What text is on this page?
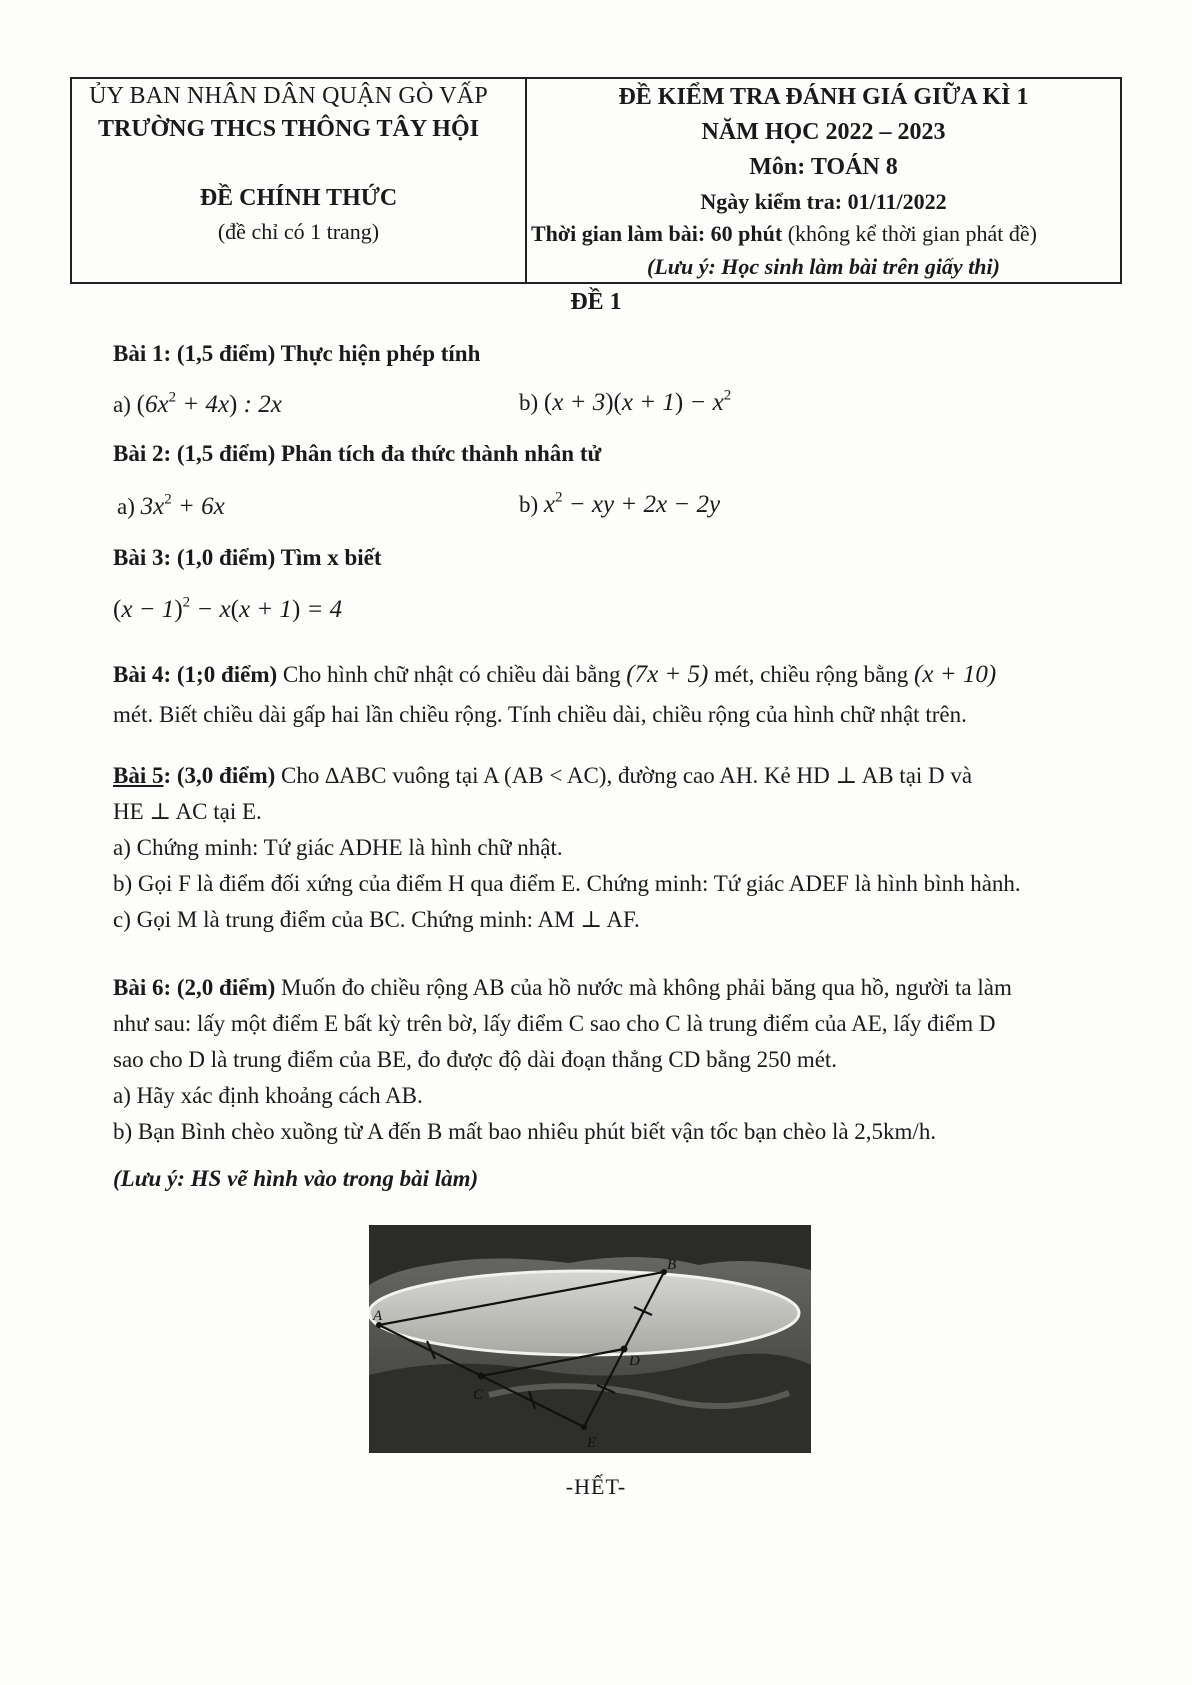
ỦY BAN NHÂN DÂN QUẬN GÒ VẤP
TRƯỜNG THCS THÔNG TÂY HỘI
ĐỀ CHÍNH THỨC
(đề chỉ có 1 trang)
ĐỀ KIỂM TRA ĐÁNH GIÁ GIỮA KÌ 1
NĂM HỌC 2022 – 2023
Môn: TOÁN 8
Ngày kiểm tra: 01/11/2022
Thời gian làm bài: 60 phút (không kể thời gian phát đề)
(Lưu ý: Học sinh làm bài trên giấy thi)
ĐỀ 1
Bài 1: (1,5 điểm) Thực hiện phép tính
a) $(6x^2 + 4x)$ : 2x	b) $(x + 3)(x + 1) - x^2$
Bài 2: (1,5 điểm) Phân tích đa thức thành nhân tử
a) $3x^2 + 6x$	b) $x^2$ − xy + 2x − 2y
Bài 3: (1,0 điểm) Tìm x biết
$(x - 1)^2 - x(x + 1) = 4$
Bài 4: (1;0 điểm) Cho hình chữ nhật có chiều dài bằng (7x + 5) mét, chiều rộng bằng (x + 10)
mét. Biết chiều dài gấp hai lần chiều rộng. Tính chiều dài, chiều rộng của hình chữ nhật trên.
Bài 5: (3,0 điểm) Cho ∆ABC vuông tại A (AB < AC), đường cao AH. Kẻ HD ⊥ AB tại D và
HE ⊥ AC tại E.
a) Chứng minh: Tứ giác ADHE là hình chữ nhật.
b) Gọi F là điểm đối xứng của điểm H qua điểm E. Chứng minh: Tứ giác ADEF là hình bình hành.
c) Gọi M là trung điểm của BC. Chứng minh: AM ⊥ AF.
Bài 6: (2,0 điểm) Muốn đo chiều rộng AB của hồ nước mà không phải băng qua hồ, người ta làm
như sau: lấy một điểm E bất kỳ trên bờ, lấy điểm C sao cho C là trung điểm của AE, lấy điểm D
sao cho D là trung điểm của BE, đo được độ dài đoạn thẳng CD bằng 250 mét.
a) Hãy xác định khoảng cách AB.
b) Bạn Bình chèo xuồng từ A đến B mất bao nhiêu phút biết vận tốc bạn chèo là 2,5km/h.
(Lưu ý: HS vẽ hình vào trong bài làm)
A
B
C
D
E
-HẾT-
